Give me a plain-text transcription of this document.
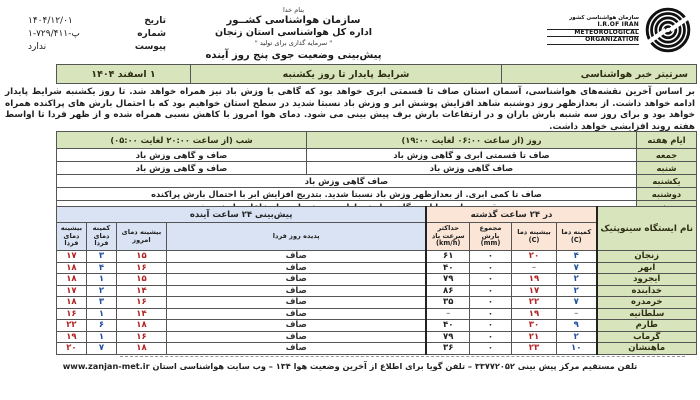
سازمان هواشناسی کشور
I.R.OF IRAN
METEOROLOGICAL
ORGANIZATION
بنام خدا
سازمان هواشناسی کشــور
اداره کل هواشناسی استان زنجان
" سرمایه گذاری برای تولید "
پیش‌بینی وضعیت جوی پنج روز آینده
تاریخ
۱۴۰۴/۱۲/۰۱
شماره
۱-۷۲۹/۴۱۱-پ
پیوست
ندارد
سرتیتر خبر هواشناسی
شرایط پایدار تا روز یکشنبه
۱ اسفند ۱۴۰۴
بر اساس آخرین نقشه‌های هواشناسی، آسمان استان صاف تا قسمتی ابری خواهد بود که گاهی با وزش باد نیز همراه خواهد شد. تا روز یکشنبه شرایط پایدار ادامه خواهد داشت. از بعدازظهر روز دوشنبه شاهد افزایش پوشش ابر و وزش باد نسبتا شدید در سطح استان خواهیم بود که با احتمال بارش های پراکنده همراه خواهد بود و برای روز سه شنبه بارش باران و در ارتفاعات بارش برف پیش بینی می شود. دمای هوا امروز با کاهش نسبی همراه شده و از ظهر فردا تا اواسط هفته روند افزایشی خواهد داشت.
ایام هفته	روز (از ساعت ۰۶:۰۰ لغایت ۱۹:۰۰)	شب (از ساعت ۲۰:۰۰ لغایت ۰۵:۰۰)
جمعه	صاف تا قسمتی ابری و گاهی وزش باد	صاف و گاهی وزش باد
شنبه	صاف گاهی وزش باد	صاف و گاهی وزش باد
یکشنبه	صاف گاهی وزش باد	
دوشنبه	صاف تا کمی ابری. از بعدازظهر وزش باد نسبتا شدید. بتدریج افزایش ابر با احتمال بارش پراکنده	

نام ایستگاه سینوپتیک	در ۲۴ ساعت گذشته				پیش‌بینی ۲۴ ساعت آینده			
	کمینه دما (C)	بیشینه دما (C)	مجموع بارش (mm)	حداکثر سرعت باد (km/h)	پدیده روز فردا	بیشینه دمای امروز	کمینه دمای فردا	بیشینه دمای فردا
زنجان	۴	۲۰	۰	۶۱	صاف	۱۵	۳	۱۷
ابهر	۷	–	۰	۴۰	صاف	۱۶	۴	۱۸
ایجرود	۲	۱۹	۰	۷۹	صاف	۱۵	۱	۱۸
خدابنده	۲	۱۷	۰	۸۶	صاف	۱۴	۲	۱۷
خرمدره	۷	۲۲	۰	۳۵	صاف	۱۶	۳	۱۸
سلطانیه	–	۱۹	۰	–	صاف	۱۴	۱	۱۶
طارم	۹	۳۰	۰	۴۰	صاف	۱۸	۶	۲۲
گرماب	۲	۲۱	۰	۷۹	صاف	۱۶	۱	۱۹
ماهنشان	۱۰	۲۳	۰	۳۶	صاف	۱۸	۷	۲۰
تلفن مستقیم مرکز پیش بینی ۳۳۷۷۲۰۵۲ – تلفن گویا برای اطلاع از آخرین وضعیت هوا ۱۳۴ – وب سایت هواشناسی استان www.zanjan-met.ir
